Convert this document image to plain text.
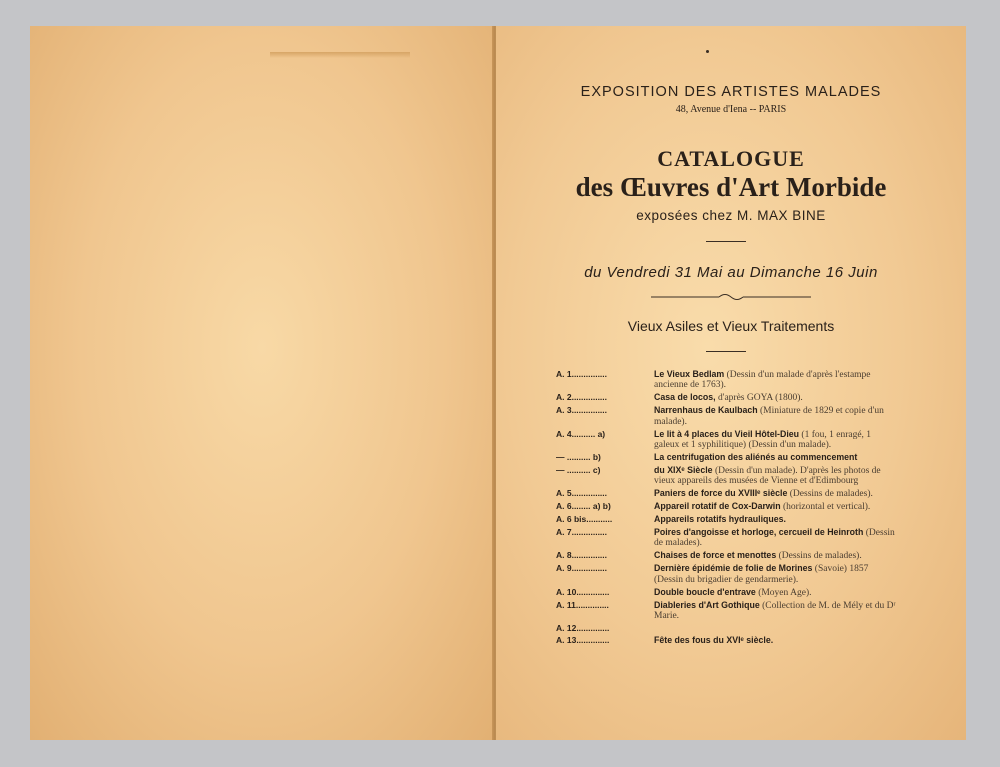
EXPOSITION DES ARTISTES MALADES
48, Avenue d'Iena -- PARIS
CATALOGUE
des Œuvres d'Art Morbide
exposées chez M. MAX BINE
du Vendredi 31 Mai au Dimanche 16 Juin
Vieux Asiles et Vieux Traitements
A. 1...............	Le Vieux Bedlam (Dessin d'un malade d'après l'estampe ancienne de 1763).
A. 2...............	Casa de locos, d'après GOYA (1800).
A. 3...............	Narrenhaus de Kaulbach (Miniature de 1829 et copie d'un malade).
A. 4.......... a)	Le lit à 4 places du Vieil Hôtel-Dieu (1 fou, 1 enragé, 1 galeux et 1 syphilitique) (Dessin d'un malade).
— .......... b)	La centrifugation des aliénés au commencement
— .......... c)	du XIXᵉ Siècle (Dessin d'un malade). D'après les photos de vieux appareils des musées de Vienne et d'Edimbourg
A. 5...............	Paniers de force du XVIIIᵉ siècle (Dessins de malades).
A. 6........ a) b)	Appareil rotatif de Cox-Darwin (horizontal et vertical).
A. 6 bis...........	Appareils rotatifs hydrauliques.
A. 7...............	Poires d'angoisse et horloge, cercueil de Heinroth (Dessin de malades).
A. 8...............	Chaises de force et menottes (Dessins de malades).
A. 9...............	Dernière épidémie de folie de Morines (Savoie) 1857 (Dessin du brigadier de gendarmerie).
A. 10..............	Double boucle d'entrave (Moyen Age).
A. 11..............	Diableries d'Art Gothique (Collection de M. de Mély et du Dʳ Marie.
A. 12..............
A. 13..............	Fête des fous du XVIᵉ siècle.
